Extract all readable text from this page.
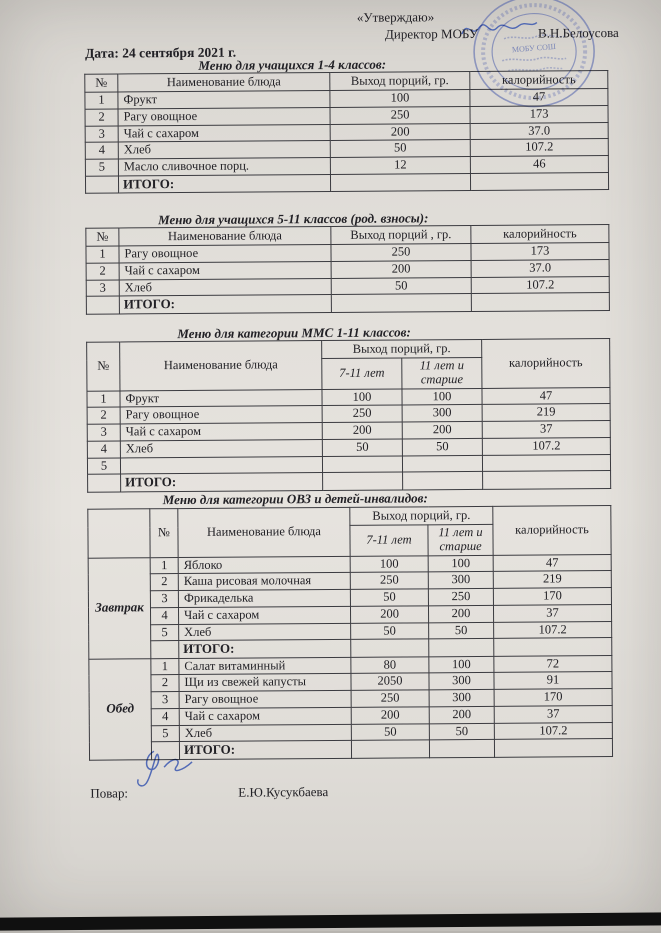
«Утверждаю»
Директор МОБУ	В.Н.Белоусова
Дата: 24 сентября 2021 г.
Меню для учащихся 1-4 классов:
№	Наименование блюда	Выход порций, гр.	калорийность
1	Фрукт	100	47
2	Рагу овощное	250	173
3	Чай с сахаром	200	37.0
4	Хлеб	50	107.2
5	Масло сливочное порц.	12	46
	ИТОГО:		
Меню для учащихся 5-11 классов (род. взносы):
№	Наименование блюда	Выход порций , гр.	калорийность
1	Рагу овощное	250	173
2	Чай с сахаром	200	37.0
3	Хлеб	50	107.2
	ИТОГО:		
Меню для категории ММС 1-11 классов:
№	Наименование блюда	Выход порций, гр.		калорийность
		7-11 лет	11 лет и старше	
1	Фрукт	100	100	47
2	Рагу овощное	250	300	219
3	Чай с сахаром	200	200	37
4	Хлеб	50	50	107.2
5				
	ИТОГО:			
Меню для категории ОВЗ и детей-инвалидов:
	№	Наименование блюда	Выход порций, гр.		калорийность
			7-11 лет	11 лет и старше	
Завтрак	1	Яблоко	100	100	47
	2	Каша рисовая молочная	250	300	219
	3	Фрикаделька	50	250	170
	4	Чай с сахаром	200	200	37
	5	Хлеб	50	50	107.2
		ИТОГО:			
Обед	1	Салат витаминный	80	100	72
	2	Щи из свежей капусты	2050	300	91
	3	Рагу овощное	250	300	170
	4	Чай с сахаром	200	200	37
	5	Хлеб	50	50	107.2
		ИТОГО:			
Повар:	Е.Ю.Кусукбаева
МОБУ СОШ
